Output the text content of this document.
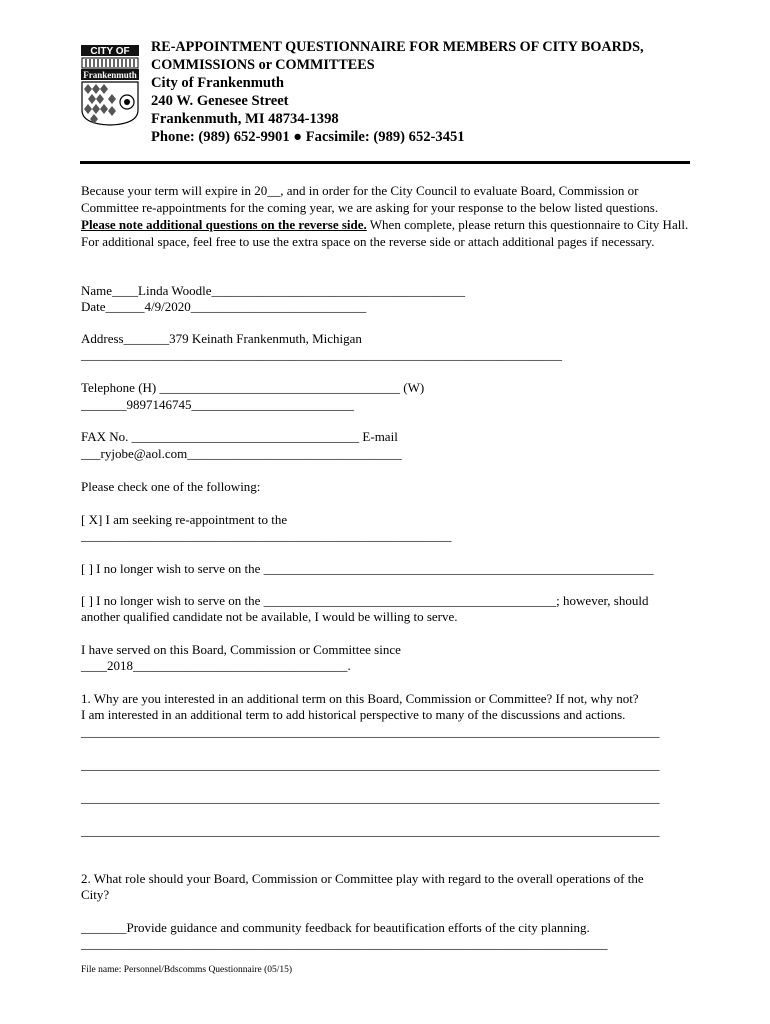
CITY OF
Frankenmuth
RE-APPOINTMENT QUESTIONNAIRE FOR MEMBERS OF CITY BOARDS,
COMMISSIONS or COMMITTEES
City of Frankenmuth
240 W. Genesee Street
Frankenmuth, MI 48734-1398
Phone: (989) 652-9901 ● Facsimile: (989) 652-3451
Because your term will expire in 20__, and in order for the City Council to evaluate Board, Commission or Committee re-appointments for the coming year, we are asking for your response to the below listed questions. Please note additional questions on the reverse side. When complete, please return this questionnaire to City Hall. For additional space, feel free to use the extra space on the reverse side or attach additional pages if necessary.
Name____Linda Woodle_______________________________________
Date______4/9/2020___________________________
Address_______379 Keinath Frankenmuth, Michigan
__________________________________________________________________________
Telephone (H) _____________________________________ (W)
_______9897146745_________________________
FAX No. ___________________________________ E-mail
___ryjobe@aol.com_________________________________
Please check one of the following:
[ X] I am seeking re-appointment to the
_________________________________________________________
[ ] I no longer wish to serve on the ____________________________________________________________
[ ] I no longer wish to serve on the _____________________________________________; however, should
another qualified candidate not be available, I would be willing to serve.
I have served on this Board, Commission or Committee since
____2018_________________________________.
1. Why are you interested in an additional term on this Board, Commission or Committee? If not, why not?
I am interested in an additional term to add historical perspective to many of the discussions and actions.
_________________________________________________________________________________________
_________________________________________________________________________________________
_________________________________________________________________________________________
_________________________________________________________________________________________
2. What role should your Board, Commission or Committee play with regard to the overall operations of the
City?
_______Provide guidance and community feedback for beautification efforts of the city planning.
_________________________________________________________________________________
File name: Personnel/Bdscomms Questionnaire (05/15)
